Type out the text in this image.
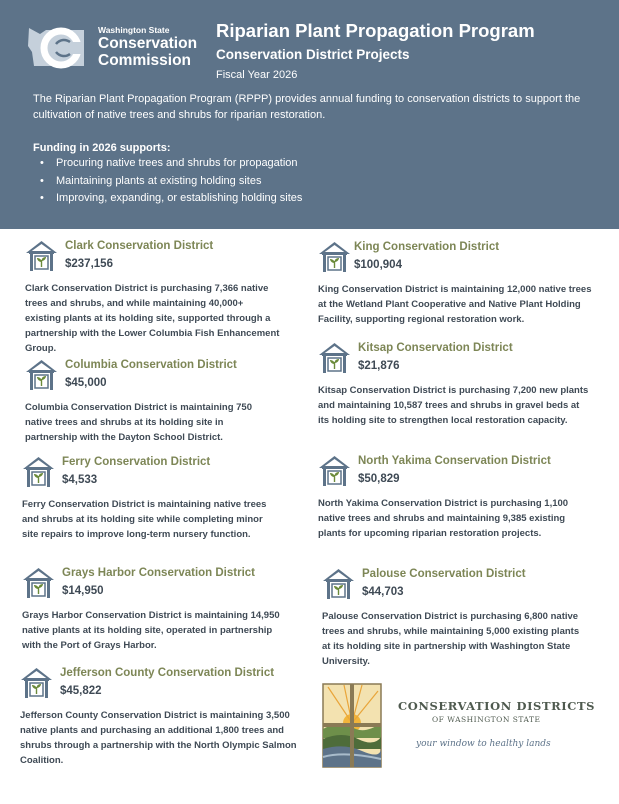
Washington State
Conservation
Commission
Riparian Plant Propagation Program
Conservation District Projects
Fiscal Year 2026
The Riparian Plant Propagation Program (RPPP) provides annual funding to conservation districts to support the cultivation of native trees and shrubs for riparian restoration.
Funding in 2026 supports:
• Procuring native trees and shrubs for propagation
• Maintaining plants at existing holding sites
• Improving, expanding, or establishing holding sites
Clark Conservation District
$237,156
Clark Conservation District is purchasing 7,366 native trees and shrubs, and while maintaining 40,000+ existing plants at its holding site, supported through a partnership with the Lower Columbia Fish Enhancement Group.
Columbia Conservation District
$45,000
Columbia Conservation District is maintaining 750 native trees and shrubs at its holding site in partnership with the Dayton School District.
Ferry Conservation District
$4,533
Ferry Conservation District is maintaining native trees and shrubs at its holding site while completing minor site repairs to improve long-term nursery function.
Grays Harbor Conservation District
$14,950
Grays Harbor Conservation District is maintaining 14,950 native plants at its holding site, operated in partnership with the Port of Grays Harbor.
Jefferson County Conservation District
$45,822
Jefferson County Conservation District is maintaining 3,500 native plants and purchasing an additional 1,800 trees and shrubs through a partnership with the North Olympic Salmon Coalition.
King Conservation District
$100,904
King Conservation District is maintaining 12,000 native trees at the Wetland Plant Cooperative and Native Plant Holding Facility, supporting regional restoration work.
Kitsap Conservation District
$21,876
Kitsap Conservation District is purchasing 7,200 new plants and maintaining 10,587 trees and shrubs in gravel beds at its holding site to strengthen local restoration capacity.
North Yakima Conservation District
$50,829
North Yakima Conservation District is purchasing 1,100 native trees and shrubs and maintaining 9,385 existing plants for upcoming riparian restoration projects.
Palouse Conservation District
$44,703
Palouse Conservation District is purchasing 6,800 native trees and shrubs, while maintaining 5,000 existing plants at its holding site in partnership with Washington State University.
CONSERVATION DISTRICTS
OF WASHINGTON STATE
your window to healthy lands
